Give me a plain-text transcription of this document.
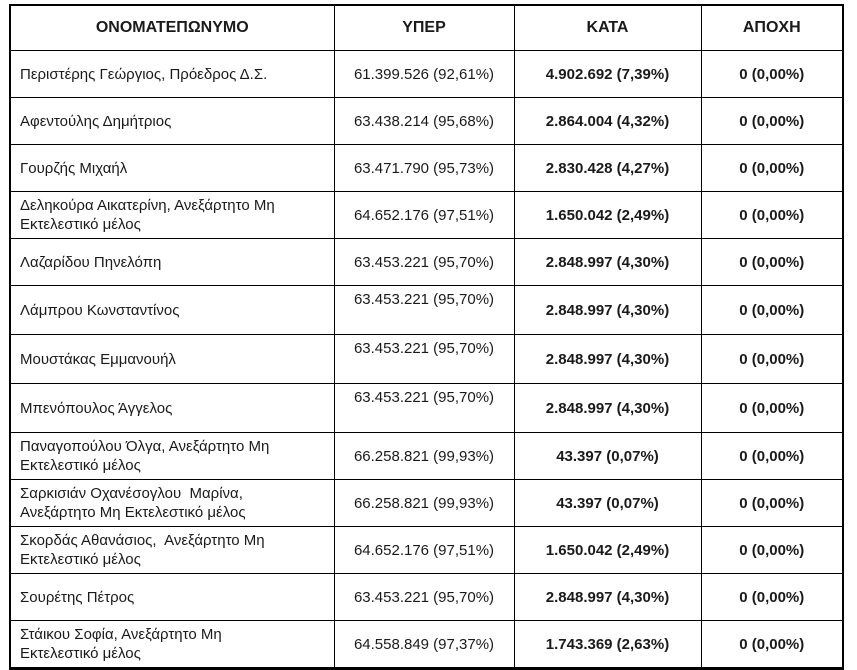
ΟΝΟΜΑΤΕΠΩΝΥΜΟ	ΥΠΕΡ	ΚΑΤΑ	ΑΠΟΧΗ
Περιστέρης Γεώργιος, Πρόεδρος Δ.Σ.	61.399.526 (92,61%)	4.902.692 (7,39%)	0 (0,00%)
Αφεντούλης Δημήτριος	63.438.214 (95,68%)	2.864.004 (4,32%)	0 (0,00%)
Γουρζής Μιχαήλ	63.471.790 (95,73%)	2.830.428 (4,27%)	0 (0,00%)
Δεληκούρα Αικατερίνη, Ανεξάρτητο Μη Εκτελεστικό μέλος	64.652.176 (97,51%)	1.650.042 (2,49%)	0 (0,00%)
Λαζαρίδου Πηνελόπη	63.453.221 (95,70%)	2.848.997 (4,30%)	0 (0,00%)
Λάμπρου Κωνσταντίνος	63.453.221 (95,70%)	2.848.997 (4,30%)	0 (0,00%)
Μουστάκας Εμμανουήλ	63.453.221 (95,70%)	2.848.997 (4,30%)	0 (0,00%)
Μπενόπουλος Άγγελος	63.453.221 (95,70%)	2.848.997 (4,30%)	0 (0,00%)
Παναγοπούλου Όλγα, Ανεξάρτητο Μη Εκτελεστικό μέλος	66.258.821 (99,93%)	43.397 (0,07%)	0 (0,00%)
Σαρκισιάν Οχανέσογλου  Μαρίνα, Ανεξάρτητο Μη Εκτελεστικό μέλος	66.258.821 (99,93%)	43.397 (0,07%)	0 (0,00%)
Σκορδάς Αθανάσιος,  Ανεξάρτητο Μη Εκτελεστικό μέλος	64.652.176 (97,51%)	1.650.042 (2,49%)	0 (0,00%)
Σουρέτης Πέτρος	63.453.221 (95,70%)	2.848.997 (4,30%)	0 (0,00%)
Στάικου Σοφία, Ανεξάρτητο Μη Εκτελεστικό μέλος	64.558.849 (97,37%)	1.743.369 (2,63%)	0 (0,00%)
